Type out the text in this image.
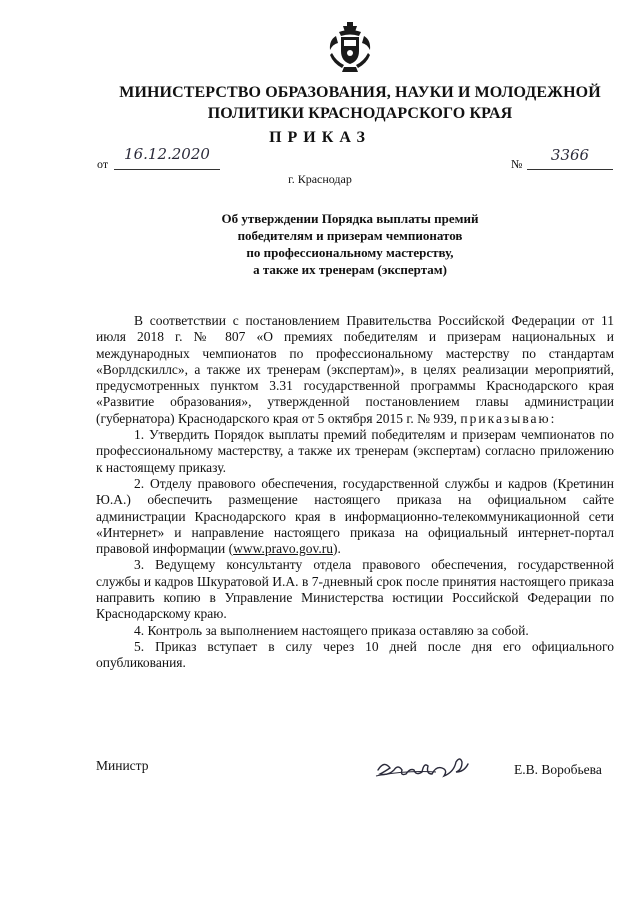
МИНИСТЕРСТВО ОБРАЗОВАНИЯ, НАУКИ И МОЛОДЕЖНОЙ
ПОЛИТИКИ КРАСНОДАРСКОГО КРАЯ
ПРИКАЗ
от
16.12.2020
№	3366
г. Краснодар
Об утверждении Порядка выплаты премий
победителям и призерам чемпионатов
по профессиональному мастерству,
а также их тренерам (экспертам)

В соответствии с постановлением Правительства Российской Федерации от 11 июля 2018 г. № 807 «О премиях победителям и призерам национальных и международных чемпионатов по профессиональному мастерству по стандартам «Ворлдскиллс», а также их тренерам (экспертам)», в целях реализации мероприятий, предусмотренных пунктом 3.31 государственной программы Краснодарского края «Развитие образования», утвержденной постановлением главы администрации (губернатора) Краснодарского края от 5 октября 2015 г. № 939, приказываю:

1. Утвердить Порядок выплаты премий победителям и призерам чемпионатов по профессиональному мастерству, а также их тренерам (экспертам) согласно приложению к настоящему приказу.

2. Отделу правового обеспечения, государственной службы и кадров (Кретинин Ю.А.) обеспечить размещение настоящего приказа на официальном сайте администрации Краснодарского края в информационно-телекоммуникационной сети «Интернет» и направление настоящего приказа на официальный интернет-портал правовой информации (www.pravo.gov.ru).

3. Ведущему консультанту отдела правового обеспечения, государственной службы и кадров Шкуратовой И.А. в 7-дневный срок после принятия настоящего приказа направить копию в Управление Министерства юстиции Российской Федерации по Краснодарскому краю.

4. Контроль за выполнением настоящего приказа оставляю за собой.

5. Приказ вступает в силу через 10 дней после дня его официального опубликования.

Министр	Е.В. Воробьева
